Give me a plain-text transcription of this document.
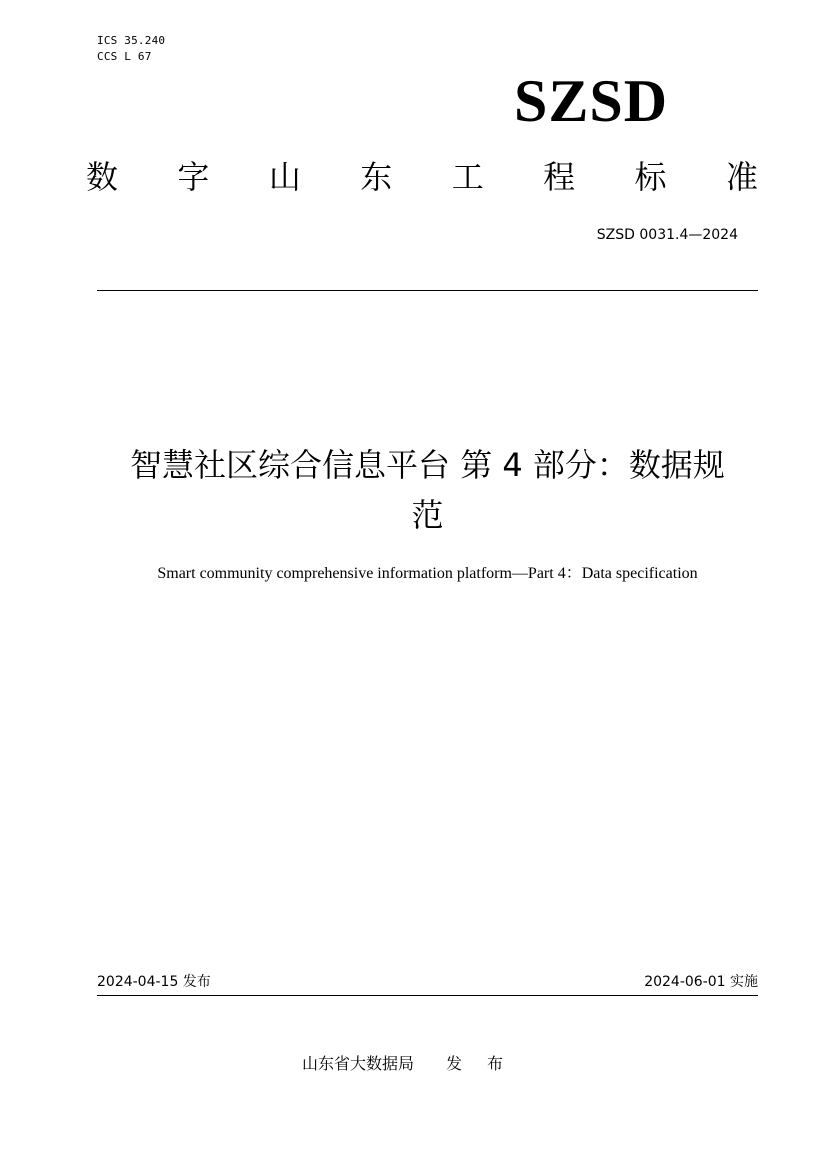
ICS 35.240
CCS L 67
SZSD
数 字 山 东 工 程 标 准
SZSD 0031.4—2024
智慧社区综合信息平台 第 4 部分：数据规
范
Smart community comprehensive information platform—Part 4：Data specification
2024-04-15 发布	2024-06-01 实施
山东省大数据局 发 布
